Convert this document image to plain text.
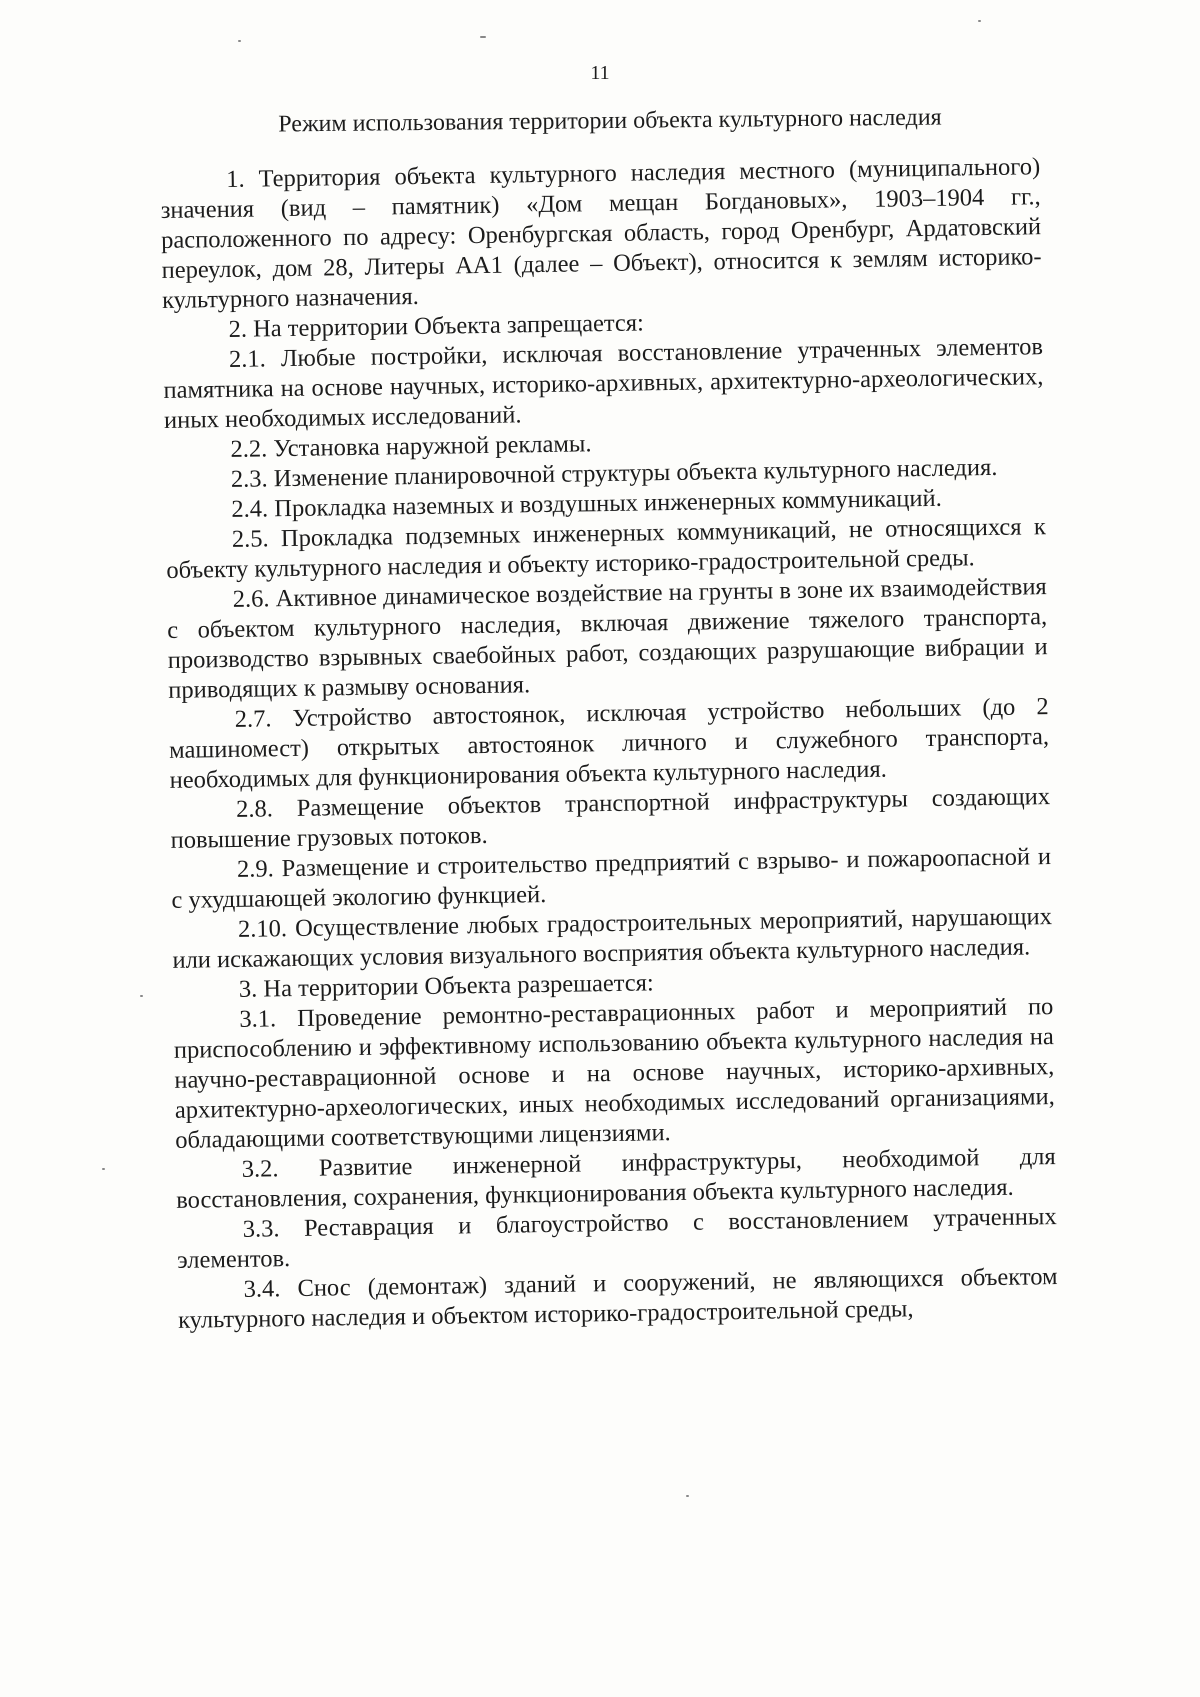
11
Режим использования территории объекта культурного наследия

1. Территория объекта культурного наследия местного (муниципального) значения (вид – памятник) «Дом мещан Богдановых», 1903–1904 гг., расположенного по адресу: Оренбургская область, город Оренбург, Ардатовский переулок, дом 28, Литеры АА1 (далее – Объект), относится к землям историко-культурного назначения.

2. На территории Объекта запрещается:

2.1. Любые постройки, исключая восстановление утраченных элементов памятника на основе научных, историко-архивных, архитектурно-археологических, иных необходимых исследований.

2.2. Установка наружной рекламы.

2.3. Изменение планировочной структуры объекта культурного наследия.

2.4. Прокладка наземных и воздушных инженерных коммуникаций.

2.5. Прокладка подземных инженерных коммуникаций, не относящихся к объекту культурного наследия и объекту историко-градостроительной среды.

2.6. Активное динамическое воздействие на грунты в зоне их взаимодействия с объектом культурного наследия, включая движение тяжелого транспорта, производство взрывных сваебойных работ, создающих разрушающие вибрации и приводящих к размыву основания.

2.7. Устройство автостоянок, исключая устройство небольших (до 2 машиномест) открытых автостоянок личного и служебного транспорта, необходимых для функционирования объекта культурного наследия.

2.8. Размещение объектов транспортной инфраструктуры создающих повышение грузовых потоков.

2.9. Размещение и строительство предприятий с взрыво- и пожароопасной и с ухудшающей экологию функцией.

2.10. Осуществление любых градостроительных мероприятий, нарушающих или искажающих условия визуального восприятия объекта культурного наследия.

3. На территории Объекта разрешается:

3.1. Проведение ремонтно-реставрационных работ и мероприятий по приспособлению и эффективному использованию объекта культурного наследия на научно-реставрационной основе и на основе научных, историко-архивных, архитектурно-археологических, иных необходимых исследований организациями, обладающими соответствующими лицензиями.

3.2. Развитие инженерной инфраструктуры, необходимой для восстановления, сохранения, функционирования объекта культурного наследия.

3.3. Реставрация и благоустройство с восстановлением утраченных элементов.

3.4. Снос (демонтаж) зданий и сооружений, не являющихся объектом культурного наследия и объектом историко-градостроительной среды,
